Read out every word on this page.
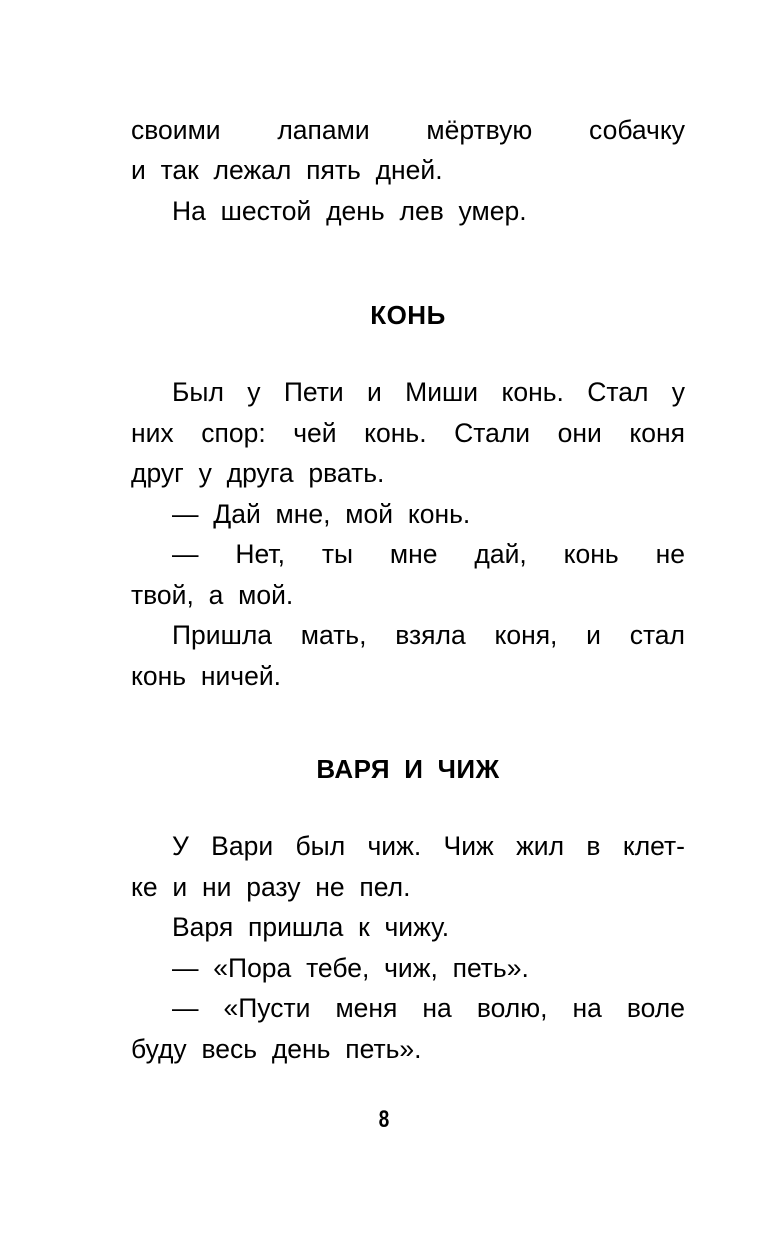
своими лапами мёртвую собачку
и так лежал пять дней.
На шестой день лев умер.
КОНЬ
Был у Пети и Миши конь. Стал у
них спор: чей конь. Стали они коня
друг у друга рвать.
— Дай мне, мой конь.
— Нет, ты мне дай, конь не
твой, а мой.
Пришла мать, взяла коня, и стал
конь ничей.
ВАРЯ И ЧИЖ
У Вари был чиж. Чиж жил в клет-
ке и ни разу не пел.
Варя пришла к чижу.
— «Пора тебе, чиж, петь».
— «Пусти меня на волю, на воле
буду весь день петь».
8
